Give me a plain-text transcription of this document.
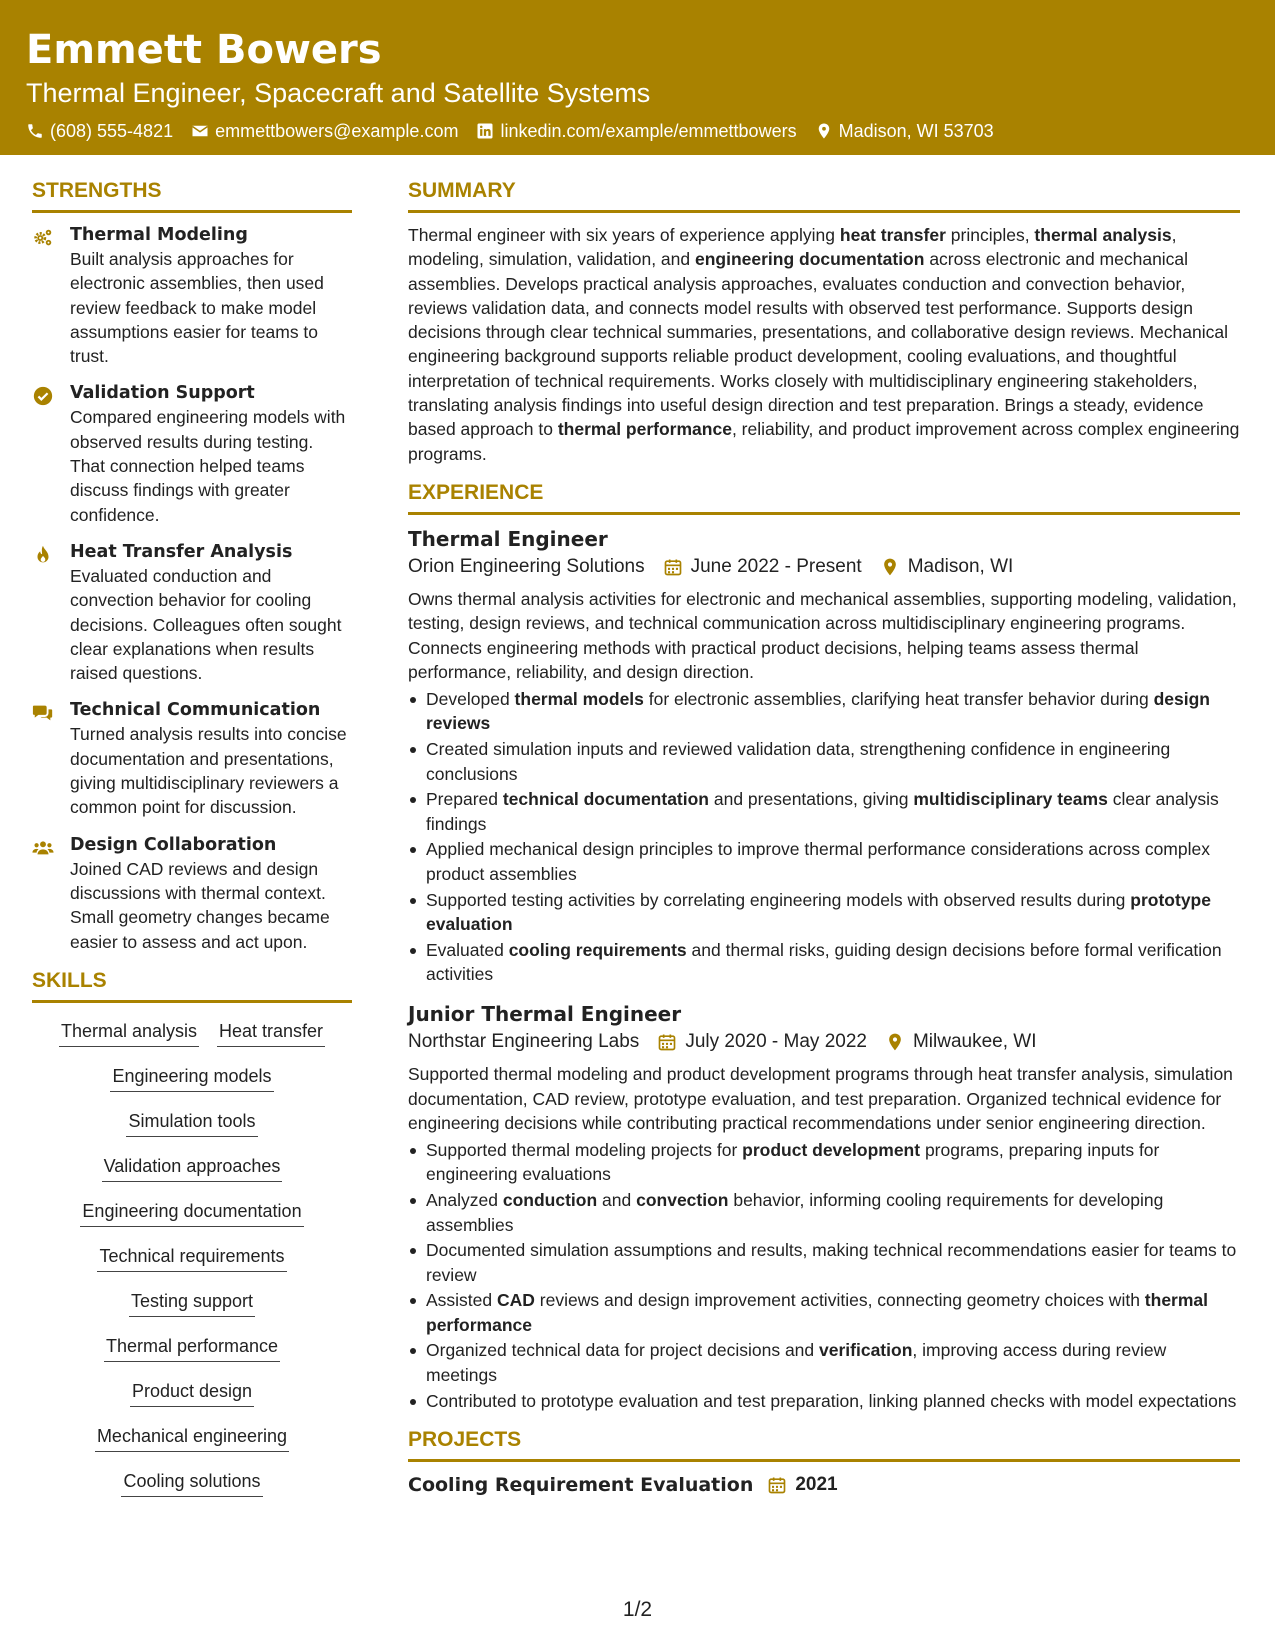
Emmett Bowers
Thermal Engineer, Spacecraft and Satellite Systems
(608) 555-4821 emmettbowers@example.com linkedin.com/example/emmettbowers Madison, WI 53703
STRENGTHS
Thermal Modeling
Built analysis approaches for electronic assemblies, then used review feedback to make model assumptions easier for teams to trust.
Validation Support
Compared engineering models with observed results during testing. That connection helped teams discuss findings with greater confidence.
Heat Transfer Analysis
Evaluated conduction and convection behavior for cooling decisions. Colleagues often sought clear explanations when results raised questions.
Technical Communication
Turned analysis results into concise documentation and presentations, giving multidisciplinary reviewers a common point for discussion.
Design Collaboration
Joined CAD reviews and design discussions with thermal context. Small geometry changes became easier to assess and act upon.
SKILLS
Thermal analysis Heat transfer
Engineering models
Simulation tools
Validation approaches
Engineering documentation
Technical requirements
Testing support
Thermal performance
Product design
Mechanical engineering
Cooling solutions
SUMMARY
Thermal engineer with six years of experience applying heat transfer principles, thermal analysis, modeling, simulation, validation, and engineering documentation across electronic and mechanical assemblies. Develops practical analysis approaches, evaluates conduction and convection behavior, reviews validation data, and connects model results with observed test performance. Supports design decisions through clear technical summaries, presentations, and collaborative design reviews. Mechanical engineering background supports reliable product development, cooling evaluations, and thoughtful interpretation of technical requirements. Works closely with multidisciplinary engineering stakeholders, translating analysis findings into useful design direction and test preparation. Brings a steady, evidence based approach to thermal performance, reliability, and product improvement across complex engineering programs.
EXPERIENCE
Thermal Engineer
Orion Engineering Solutions June 2022 - Present Madison, WI
Owns thermal analysis activities for electronic and mechanical assemblies, supporting modeling, validation, testing, design reviews, and technical communication across multidisciplinary engineering programs. Connects engineering methods with practical product decisions, helping teams assess thermal performance, reliability, and design direction.
Developed thermal models for electronic assemblies, clarifying heat transfer behavior during design reviews
Created simulation inputs and reviewed validation data, strengthening confidence in engineering conclusions
Prepared technical documentation and presentations, giving multidisciplinary teams clear analysis findings
Applied mechanical design principles to improve thermal performance considerations across complex product assemblies
Supported testing activities by correlating engineering models with observed results during prototype evaluation
Evaluated cooling requirements and thermal risks, guiding design decisions before formal verification activities
Junior Thermal Engineer
Northstar Engineering Labs July 2020 - May 2022 Milwaukee, WI
Supported thermal modeling and product development programs through heat transfer analysis, simulation documentation, CAD review, prototype evaluation, and test preparation. Organized technical evidence for engineering decisions while contributing practical recommendations under senior engineering direction.
Supported thermal modeling projects for product development programs, preparing inputs for engineering evaluations
Analyzed conduction and convection behavior, informing cooling requirements for developing assemblies
Documented simulation assumptions and results, making technical recommendations easier for teams to review
Assisted CAD reviews and design improvement activities, connecting geometry choices with thermal performance
Organized technical data for project decisions and verification, improving access during review meetings
Contributed to prototype evaluation and test preparation, linking planned checks with model expectations
PROJECTS
Cooling Requirement Evaluation 2021
1/2
